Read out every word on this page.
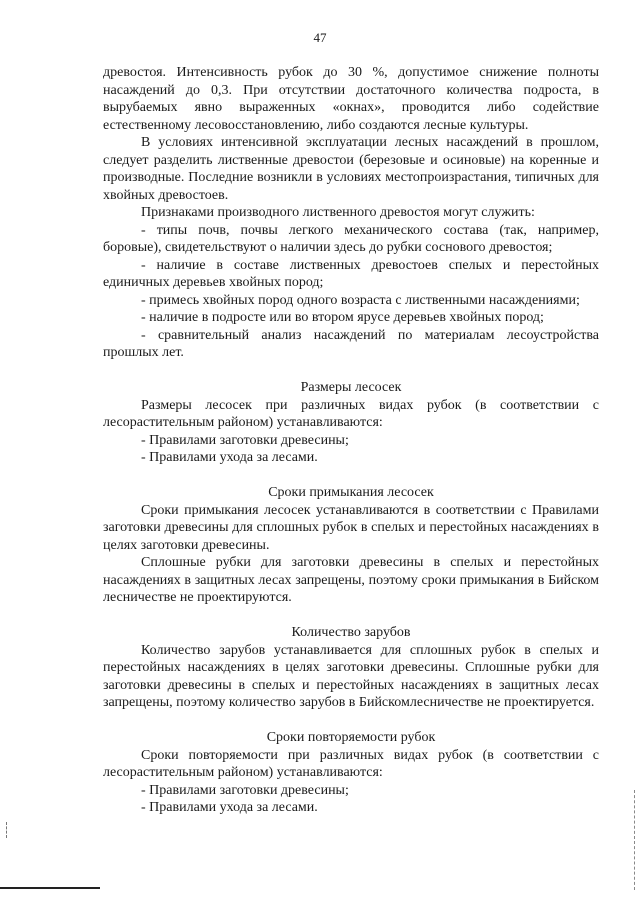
47

древостоя. Интенсивность рубок до 30 %, допустимое снижение полноты насаждений до 0,3. При отсутствии достаточного количества подроста, в вырубаемых явно выраженных «окнах», проводится либо содействие естественному лесовосстановлению, либо создаются лесные культуры.

В условиях интенсивной эксплуатации лесных насаждений в прошлом, следует разделить лиственные древостои (березовые и осиновые) на коренные и производные. Последние возникли в условиях местопроизрастания, типичных для хвойных древостоев.

Признаками производного лиственного древостоя могут служить:

- типы почв, почвы легкого механического состава (так, например, боровые), свидетельствуют о наличии здесь до рубки соснового древостоя;

- наличие в составе лиственных древостоев спелых и перестойных единичных деревьев хвойных пород;

- примесь хвойных пород одного возраста с лиственными насаждениями;

- наличие в подросте или во втором ярусе деревьев хвойных пород;

- сравнительный анализ насаждений по материалам лесоустройства прошлых лет.

Размеры лесосек

Размеры лесосек при различных видах рубок (в соответствии с лесорастительным районом) устанавливаются:

- Правилами заготовки древесины;

- Правилами ухода за лесами.

Сроки примыкания лесосек

Сроки примыкания лесосек устанавливаются в соответствии с Правилами заготовки древесины для сплошных рубок в спелых и перестойных насаждениях в целях заготовки древесины.

Сплошные рубки для заготовки древесины в спелых и перестойных насаждениях в защитных лесах запрещены, поэтому сроки примыкания в Бийском лесничестве не проектируются.

Количество зарубов

Количество зарубов устанавливается для сплошных рубок в спелых и перестойных насаждениях в целях заготовки древесины. Сплошные рубки для заготовки древесины в спелых и перестойных насаждениях в защитных лесах запрещены, поэтому количество зарубов в Бийскомлесничестве не проектируется.

Сроки повторяемости рубок

Сроки повторяемости при различных видах рубок (в соответствии с лесорастительным районом) устанавливаются:

- Правилами заготовки древесины;

- Правилами ухода за лесами.
